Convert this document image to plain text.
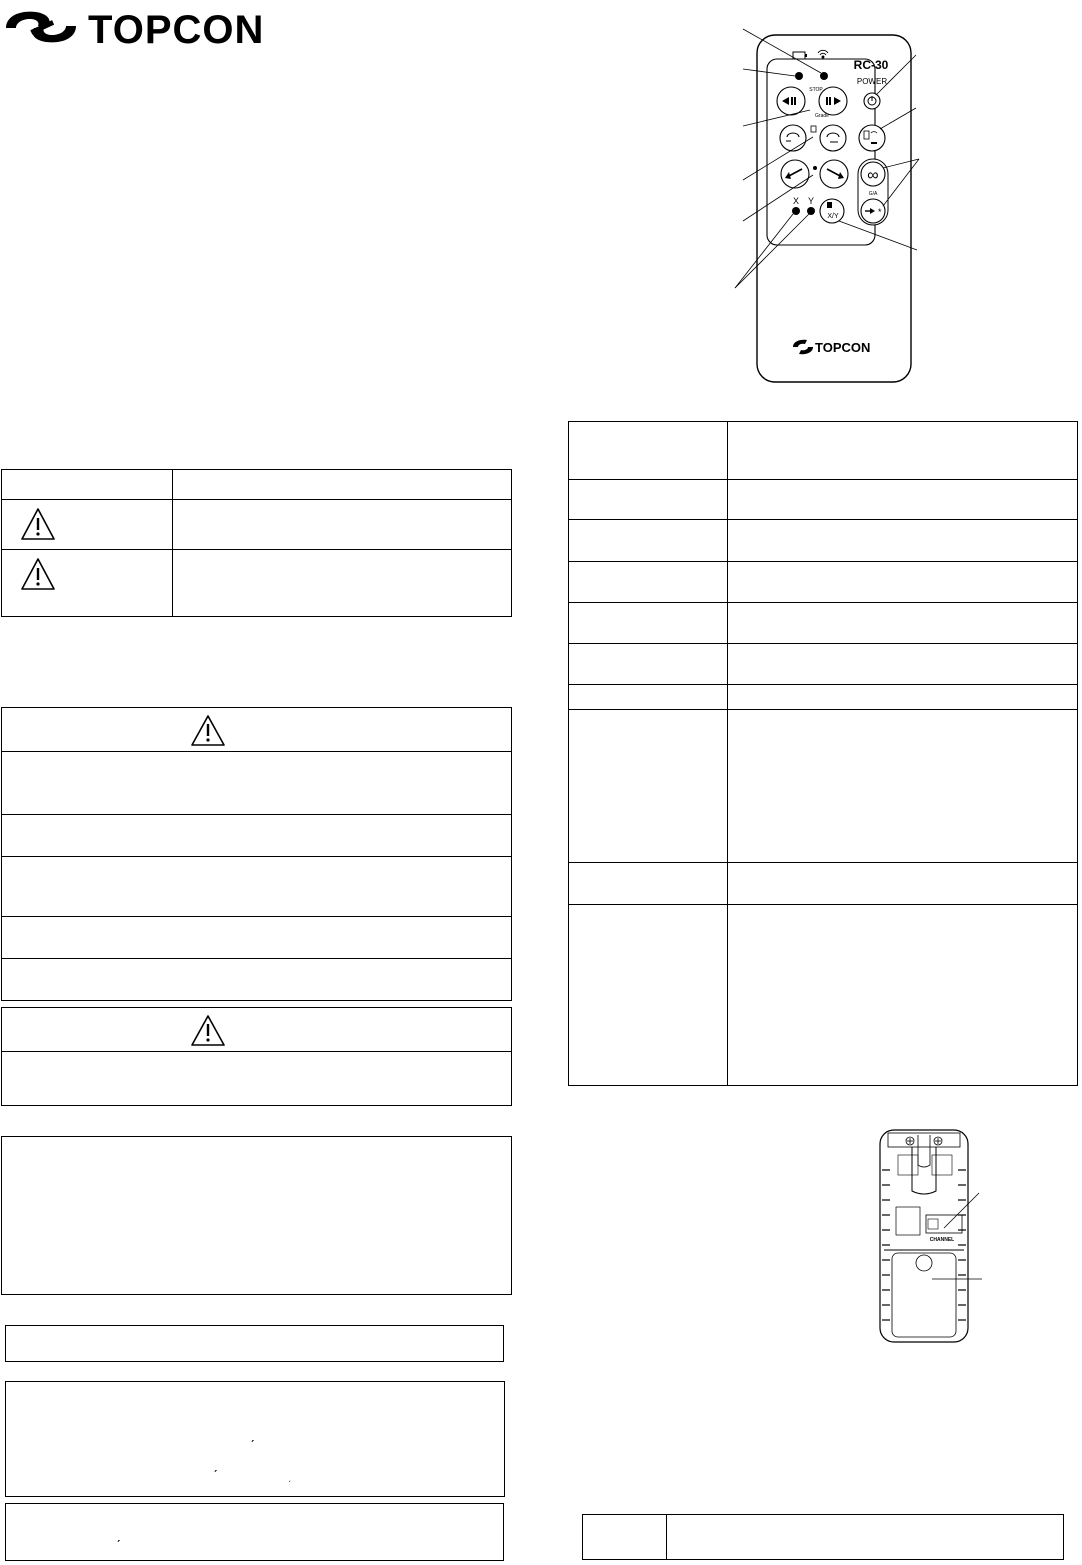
TOPCON

ˏ
ˏ
ˏ
ˏ
RC-30
POWER
STOP
Grade
∞
G/A
*
X Y
X/Y
TOPCON
CHANNEL
